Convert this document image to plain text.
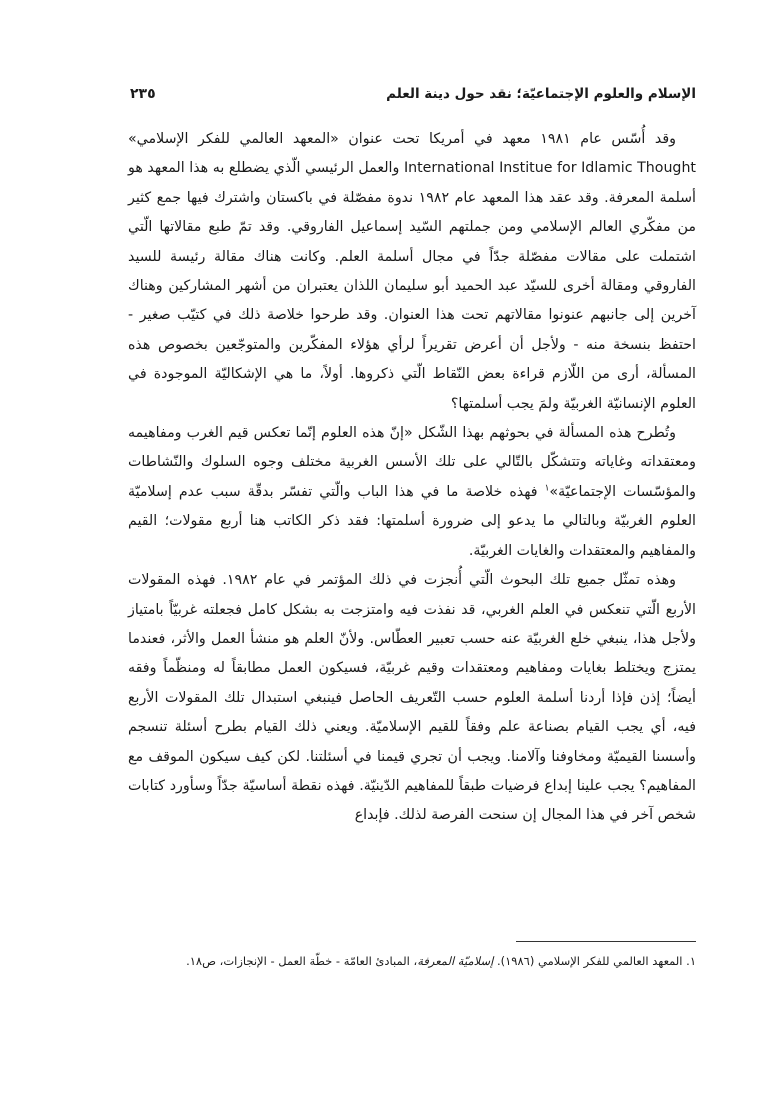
الإسلام والعلوم الإجتماعيّة؛ نقد حول دينة العلم
٢٣٥

وقد أُسّس عام ١٩٨١ معهد في أمريكا تحت عنوان «المعهد العالمي للفكر الإسلامي» International Institue for Idlamic Thought والعمل الرئيسي الّذي يضطلع به هذا المعهد هو أسلمة المعرفة. وقد عقد هذا المعهد عام ١٩٨٢ ندوة مفصّلة في باكستان واشترك فيها جمع كثير من مفكّري العالم الإسلامي ومن جملتهم السّيد إسماعيل الفاروقي. وقد تمّ طبع مقالاتها الّتي اشتملت على مقالات مفصّلة جدّاً في مجال أسلمة العلم. وكانت هناك مقالة رئيسة للسيد الفاروقي ومقالة أخرى للسيّد عبد الحميد أبو سليمان اللذان يعتبران من أشهر المشاركين وهناك آخرين إلى جانبهم عنونوا مقالاتهم تحت هذا العنوان. وقد طرحوا خلاصة ذلك في كتيّب صغير - احتفظ بنسخة منه - ولأجل أن أعرض تقريراً لرأي هؤلاء المفكّرين والمتوجّعين بخصوص هذه المسألة، أرى من اللّازم قراءة بعض النّقاط الّتي ذكروها. أولاً، ما هي الإشكاليّة الموجودة في العلوم الإنسانيّة الغربيّة ولمَ يجب أسلمتها؟

وتُطرح هذه المسألة في بحوثهم بهذا الشّكل «إنّ هذه العلوم إنّما تعكس قيم الغرب ومفاهيمه ومعتقداته وغاياته وتتشكّل بالتّالي على تلك الأسس الغربية مختلف وجوه السلوك والنّشاطات والمؤسّسات الإجتماعيّة»$^١$ فهذه خلاصة ما في هذا الباب والّتي تفسّر بدقّة سبب عدم إسلاميّة العلوم الغربيّة وبالتالي ما يدعو إلى ضرورة أسلمتها: فقد ذكر الكاتب هنا أربع مقولات؛ القيم والمفاهيم والمعتقدات والغايات الغربيّة.

وهذه تمثّل جميع تلك البحوث الّتي أُنجزت في ذلك المؤتمر في عام ١٩٨٢. فهذه المقولات الأربع الّتي تنعكس في العلم الغربي، قد نفذت فيه وامتزجت به بشكل كامل فجعلته غربيّاً بامتياز ولأجل هذا، ينبغي خلع الغربيّة عنه حسب تعبير العطّاس. ولأنّ العلم هو منشأ العمل والأثر، فعندما يمتزج ويختلط بغايات ومفاهيم ومعتقدات وقيم غربيّة، فسيكون العمل مطابقاً له ومنظّماً وفقه أيضاً؛ إذن فإذا أردنا أسلمة العلوم حسب التّعريف الحاصل فينبغي استبدال تلك المقولات الأربع فيه، أي يجب القيام بصناعة علم وفقاً للقيم الإسلاميّة. ويعني ذلك القيام بطرح أسئلة تنسجم وأسسنا القيميّة ومخاوفنا وآلامنا. ويجب أن تجري قيمنا في أسئلتنا. لكن كيف سيكون الموقف مع المفاهيم؟ يجب علينا إبداع فرضيات طبقاً للمفاهيم الدّينيّة. فهذه نقطة أساسيّة جدّاً وسأورد كتابات شخص آخر في هذا المجال إن سنحت الفرصة لذلك. فإبداع

١. المعهد العالمي للفكر الإسلامي (١٩٨٦). إسلاميّة المعرفة، المبادئ العامّة - خطّة العمل - الإنجازات، ص١٨.
